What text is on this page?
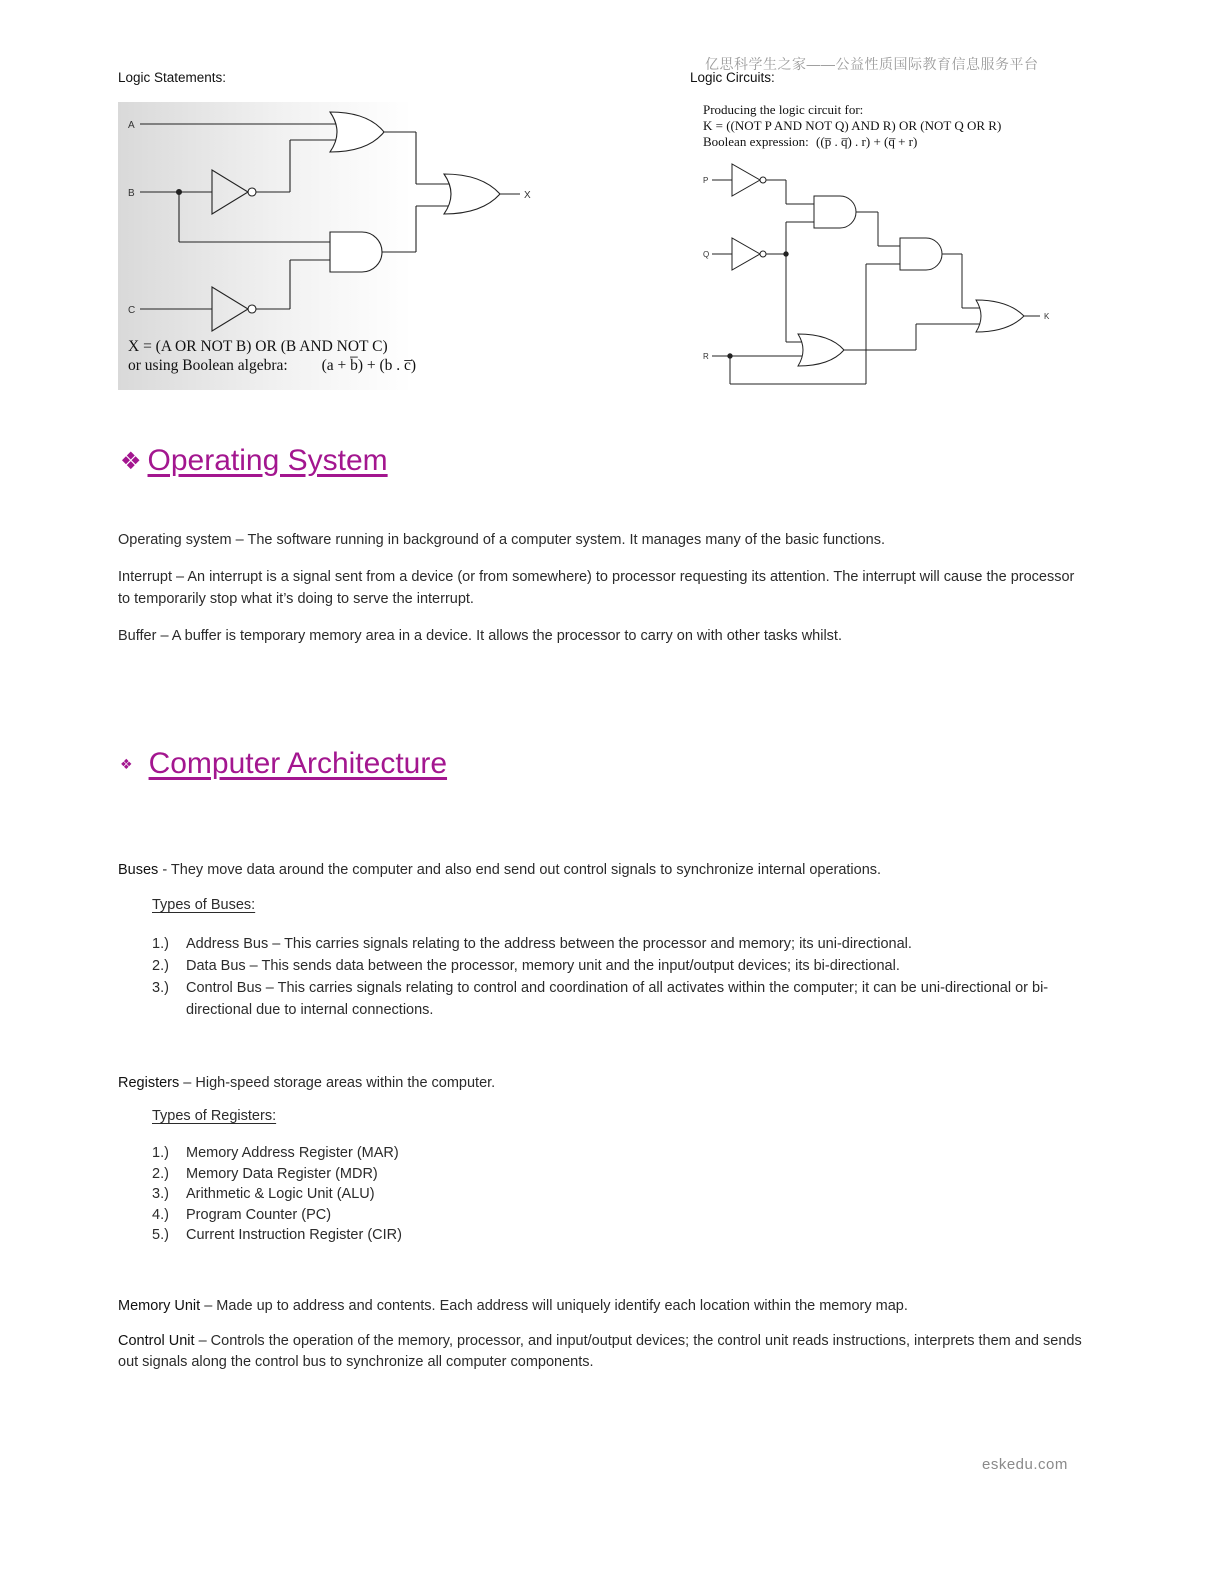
亿思科学生之家——公益性质国际教育信息服务平台
Logic Statements:	Logic Circuits:
A
B
C
X
X = (A OR NOT B) OR (B AND NOT C)
or using Boolean algebra: (a + b̅) + (b . c̅)
Producing the logic circuit for:
K = ((NOT P AND NOT Q) AND R) OR (NOT Q OR R)
Boolean expression: ((p̅ . q̅) . r) + (q̅ + r)
P
Q
R
K
❖ Operating System
Operating system – The software running in background of a computer system. It manages many of the basic functions.
Interrupt – An interrupt is a signal sent from a device (or from somewhere) to processor requesting its attention. The interrupt will cause the processor to temporarily stop what it’s doing to serve the interrupt.
Buffer – A buffer is temporary memory area in a device. It allows the processor to carry on with other tasks whilst.
❖ Computer Architecture
Buses - They move data around the computer and also end send out control signals to synchronize internal operations.
Types of Buses:
1.) Address Bus – This carries signals relating to the address between the processor and memory; its uni-directional.
2.) Data Bus – This sends data between the processor, memory unit and the input/output devices; its bi-directional.
3.) Control Bus – This carries signals relating to control and coordination of all activates within the computer; it can be uni-directional or bi-directional due to internal connections.
Registers – High-speed storage areas within the computer.
Types of Registers:
1.) Memory Address Register (MAR)
2.) Memory Data Register (MDR)
3.) Arithmetic & Logic Unit (ALU)
4.) Program Counter (PC)
5.) Current Instruction Register (CIR)
Memory Unit – Made up to address and contents. Each address will uniquely identify each location within the memory map.
Control Unit – Controls the operation of the memory, processor, and input/output devices; the control unit reads instructions, interprets them and sends out signals along the control bus to synchronize all computer components.
eskedu.com
